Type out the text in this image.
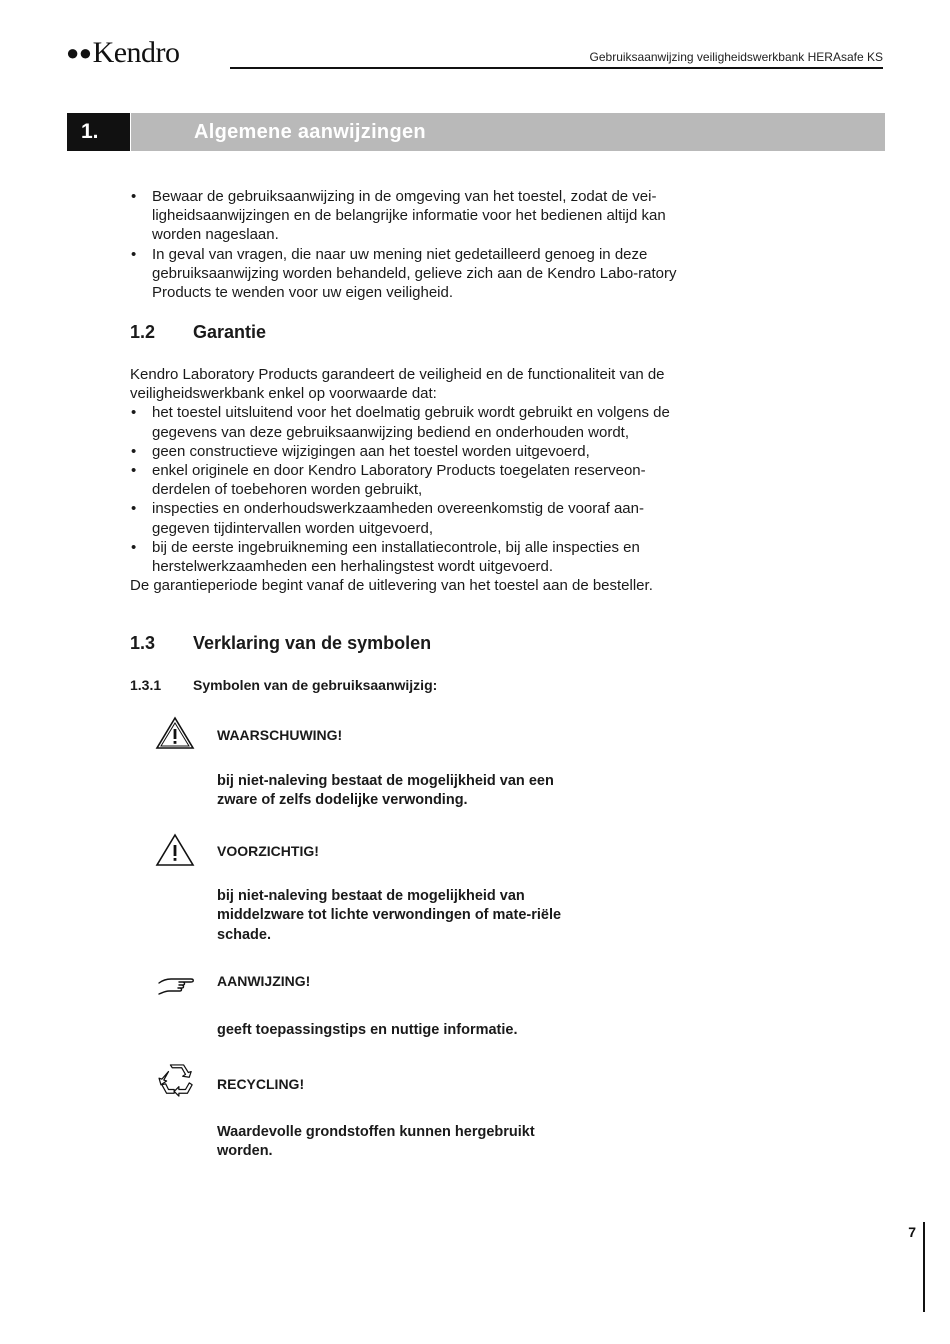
●●Kendro	Gebruiksaanwijzing veiligheidswerkbank HERAsafe KS
1.	Algemene aanwijzingen
• Bewaar de gebruiksaanwijzing in de omgeving van het toestel, zodat de vei-ligheidsaanwijzingen en de belangrijke informatie voor het bedienen altijd kan worden nageslaan.
• In geval van vragen, die naar uw mening niet gedetailleerd genoeg in deze gebruiksaanwijzing worden behandeld, gelieve zich aan de Kendro Labo-ratory Products te wenden voor uw eigen veiligheid.
1.2 Garantie
Kendro Laboratory Products garandeert de veiligheid en de functionaliteit van de veiligheidswerkbank enkel op voorwaarde dat:
• het toestel uitsluitend voor het doelmatig gebruik wordt gebruikt en volgens de gegevens van deze gebruiksaanwijzing bediend en onderhouden wordt,
• geen constructieve wijzigingen aan het toestel worden uitgevoerd,
• enkel originele en door Kendro Laboratory Products toegelaten reserveon-derdelen of toebehoren worden gebruikt,
• inspecties en onderhoudswerkzaamheden overeenkomstig de vooraf aan-gegeven tijdintervallen worden uitgevoerd,
• bij de eerste ingebruikneming een installatiecontrole, bij alle inspecties en herstelwerkzaamheden een herhalingstest wordt uitgevoerd.
De garantieperiode begint vanaf de uitlevering van het toestel aan de besteller.
1.3 Verklaring van de symbolen
1.3.1 Symbolen van de gebruiksaanwijzig:
WAARSCHUWING!
bij niet-naleving bestaat de mogelijkheid van een zware of zelfs dodelijke verwonding.
VOORZICHTIG!
bij niet-naleving bestaat de mogelijkheid van middelzware tot lichte verwondingen of mate-riële schade.
AANWIJZING!
geeft toepassingstips en nuttige informatie.
RECYCLING!
Waardevolle grondstoffen kunnen hergebruikt worden.
7
